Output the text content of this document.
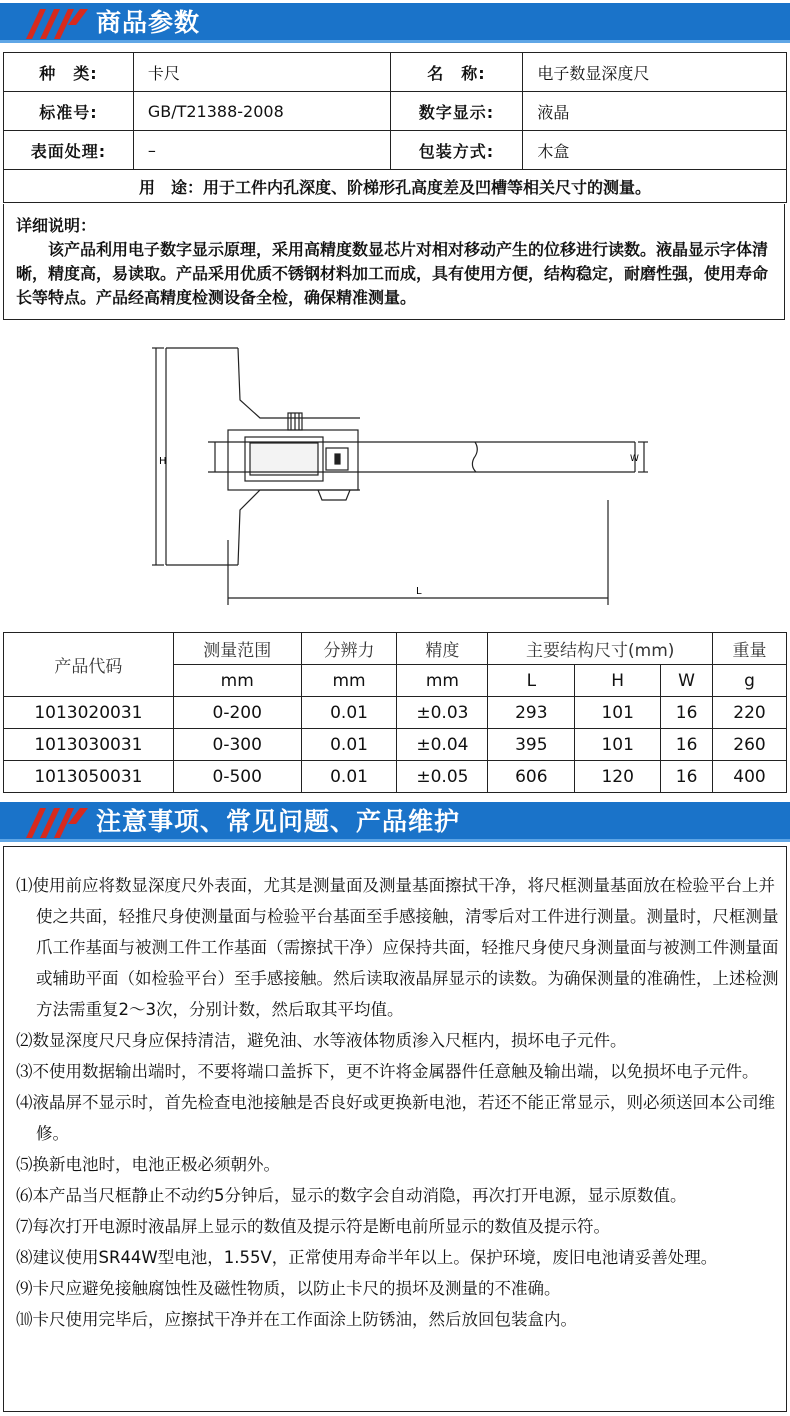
商品参数
种　类:	卡尺	名　称:	电子数显深度尺
标准号:	GB/T21388-2008	数字显示:	液晶
表面处理:	–	包装方式:	木盒
用　途：用于工件内孔深度、阶梯形孔高度差及凹槽等相关尺寸的测量。			

详细说明：

该产品利用电子数字显示原理，采用高精度数显芯片对相对移动产生的位移进行读数。液晶显示字体清晰，精度高，易读取。产品采用优质不锈钢材料加工而成，具有使用方便，结构稳定，耐磨性强，使用寿命长等特点。产品经高精度检测设备全检，确保精准测量。

H
L
W
产品代码	测量范围	分辨力	精度	主要结构尺寸(mm)			重量
	mm	mm	mm	L	H	W	g
1013020031	0-200	0.01	±0.03	293	101	16	220
1013030031	0-300	0.01	±0.04	395	101	16	260
1013050031	0-500	0.01	±0.05	606	120	16	400
注意事项、常见问题、产品维护

⑴使用前应将数显深度尺外表面，尤其是测量面及测量基面擦拭干净，将尺框测量基面放在检验平台上并使之共面，轻推尺身使测量面与检验平台基面至手感接触，清零后对工件进行测量。测量时，尺框测量爪工作基面与被测工件工作基面（需擦拭干净）应保持共面，轻推尺身使尺身测量面与被测工件测量面或辅助平面（如检验平台）至手感接触。然后读取液晶屏显示的读数。为确保测量的准确性，上述检测方法需重复2～3次，分别计数，然后取其平均值。

⑵数显深度尺尺身应保持清洁，避免油、水等液体物质渗入尺框内，损坏电子元件。

⑶不使用数据输出端时，不要将端口盖拆下，更不许将金属器件任意触及输出端，以免损坏电子元件。

⑷液晶屏不显示时，首先检查电池接触是否良好或更换新电池，若还不能正常显示，则必须送回本公司维修。

⑸换新电池时，电池正极必须朝外。

⑹本产品当尺框静止不动约5分钟后，显示的数字会自动消隐，再次打开电源，显示原数值。

⑺每次打开电源时液晶屏上显示的数值及提示符是断电前所显示的数值及提示符。

⑻建议使用SR44W型电池，1.55V，正常使用寿命半年以上。保护环境，废旧电池请妥善处理。

⑼卡尺应避免接触腐蚀性及磁性物质，以防止卡尺的损坏及测量的不准确。

⑽卡尺使用完毕后，应擦拭干净并在工作面涂上防锈油，然后放回包装盒内。
